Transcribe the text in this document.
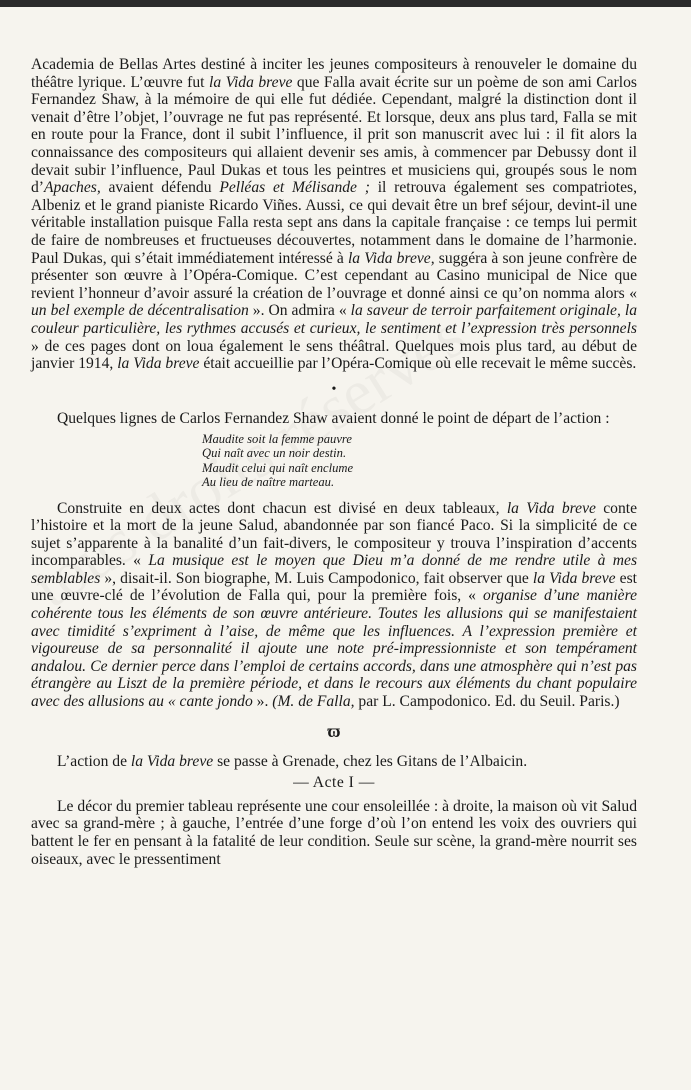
Academia de Bellas Artes destiné à inciter les jeunes compositeurs à renouveler le domaine du théâtre lyrique. L’œuvre fut la Vida breve que Falla avait écrite sur un poème de son ami Carlos Fernandez Shaw, à la mémoire de qui elle fut dédiée. Cependant, malgré la distinction dont il venait d’être l’objet, l’ouvrage ne fut pas représenté. Et lorsque, deux ans plus tard, Falla se mit en route pour la France, dont il subit l’influence, il prit son manuscrit avec lui : il fit alors la connaissance des compositeurs qui allaient devenir ses amis, à commencer par Debussy dont il devait subir l’influence, Paul Dukas et tous les peintres et musiciens qui, groupés sous le nom d’Apaches, avaient défendu Pelléas et Mélisande ; il retrouva également ses compatriotes, Albeniz et le grand pianiste Ricardo Viñes. Aussi, ce qui devait être un bref séjour, devint-il une véritable installation puisque Falla resta sept ans dans la capitale française : ce temps lui permit de faire de nombreuses et fructueuses découvertes, notamment dans le domaine de l’harmonie. Paul Dukas, qui s’était immédiatement intéressé à la Vida breve, suggéra à son jeune confrère de présenter son œuvre à l’Opéra-Comique. C’est cependant au Casino municipal de Nice que revient l’honneur d’avoir assuré la création de l’ouvrage et donné ainsi ce qu’on nomma alors « un bel exemple de décentralisation ». On admira « la saveur de terroir parfaitement originale, la couleur particulière, les rythmes accusés et curieux, le sentiment et l’expression très personnels » de ces pages dont on loua également le sens théâtral. Quelques mois plus tard, au début de janvier 1914, la Vida breve était accueillie par l’Opéra-Comique où elle recevait le même succès.

•

Quelques lignes de Carlos Fernandez Shaw avaient donné le point de départ de l’action :

Maudite soit la femme pauvre
Qui naît avec un noir destin.
Maudit celui qui naît enclume
Au lieu de naître marteau.

Construite en deux actes dont chacun est divisé en deux tableaux, la Vida breve conte l’histoire et la mort de la jeune Salud, abandonnée par son fiancé Paco. Si la simplicité de ce sujet s’apparente à la banalité d’un fait-divers, le compositeur y trouva l’inspiration d’accents incomparables. « La musique est le moyen que Dieu m’a donné de me rendre utile à mes semblables », disait-il. Son biographe, M. Luis Campodonico, fait observer que la Vida breve est une œuvre-clé de l’évolution de Falla qui, pour la première fois, « organise d’une manière cohérente tous les éléments de son œuvre antérieure. Toutes les allusions qui se manifestaient avec timidité s’expriment à l’aise, de même que les influences. A l’expression première et vigoureuse de sa personnalité il ajoute une note pré-impressionniste et son tempérament andalou. Ce dernier perce dans l’emploi de certains accords, dans une atmosphère qui n’est pas étrangère au Liszt de la première période, et dans le recours aux éléments du chant populaire avec des allusions au « cante jondo ». (M. de Falla, par L. Campodonico. Ed. du Seuil. Paris.)

ϖ

L’action de la Vida breve se passe à Grenade, chez les Gitans de l’Albaicin.

— Acte I —

Le décor du premier tableau représente une cour ensoleillée : à droite, la maison où vit Salud avec sa grand-mère ; à gauche, l’entrée d’une forge d’où l’on entend les voix des ouvriers qui battent le fer en pensant à la fatalité de leur condition. Seule sur scène, la grand-mère nourrit ses oiseaux, avec le pressentiment
